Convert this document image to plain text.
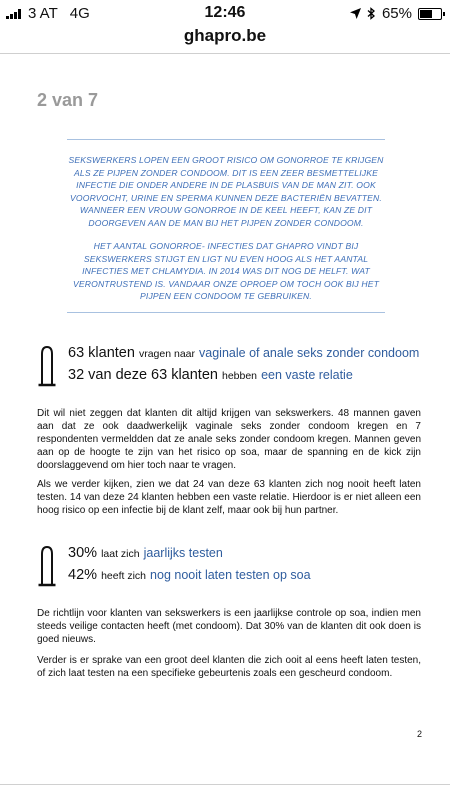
3 AT 4G	12:46	65%
ghapro.be
2 van 7

SEKSWERKERS LOPEN EEN GROOT RISICO OM GONORROE TE KRIJGEN ALS ZE PIJPEN ZONDER CONDOOM. DIT IS EEN ZEER BESMETTELIJKE INFECTIE DIE ONDER ANDERE IN DE PLASBUIS VAN DE MAN ZIT. OOK VOORVOCHT, URINE EN SPERMA KUNNEN DEZE BACTERIËN BEVATTEN. WANNEER EEN VROUW GONORROE IN DE KEEL HEEFT, KAN ZE DIT DOORGEVEN AAN DE MAN BIJ HET PIJPEN ZONDER CONDOOM.

HET AANTAL GONORROE- INFECTIES DAT GHAPRO VINDT BIJ SEKSWERKERS STIJGT EN LIGT NU EVEN HOOG ALS HET AANTAL INFECTIES MET CHLAMYDIA. IN 2014 WAS DIT NOG DE HELFT. WAT VERONTRUSTEND IS. VANDAAR ONZE OPROEP OM TOCH OOK BIJ HET PIJPEN EEN CONDOOM TE GEBRUIKEN.

63 klanten vragen naar vaginale of anale seks zonder condoom
32 van deze 63 klanten hebben een vaste relatie

Dit wil niet zeggen dat klanten dit altijd krijgen van sekswerkers. 48 mannen gaven aan dat ze ook daadwerkelijk vaginale seks zonder condoom kregen en 7 respondenten vermeldden dat ze anale seks zonder condoom kregen. Mannen geven aan op de hoogte te zijn van het risico op soa, maar de spanning en de kick zijn doorslaggevend om hier toch naar te vragen.

Als we verder kijken, zien we dat 24 van deze 63 klanten zich nog nooit heeft laten testen. 14 van deze 24 klanten hebben een vaste relatie. Hierdoor is er niet alleen een hoog risico op een infectie bij de klant zelf, maar ook bij hun partner.

30% laat zich jaarlijks testen
42% heeft zich nog nooit laten testen op soa

De richtlijn voor klanten van sekswerkers is een jaarlijkse controle op soa, indien men steeds veilige contacten heeft (met condoom). Dat 30% van de klanten dit ook doen is goed nieuws.

Verder is er sprake van een groot deel klanten die zich ooit al eens heeft laten testen, of zich laat testen na een specifieke gebeurtenis zoals een gescheurd condoom.

2
